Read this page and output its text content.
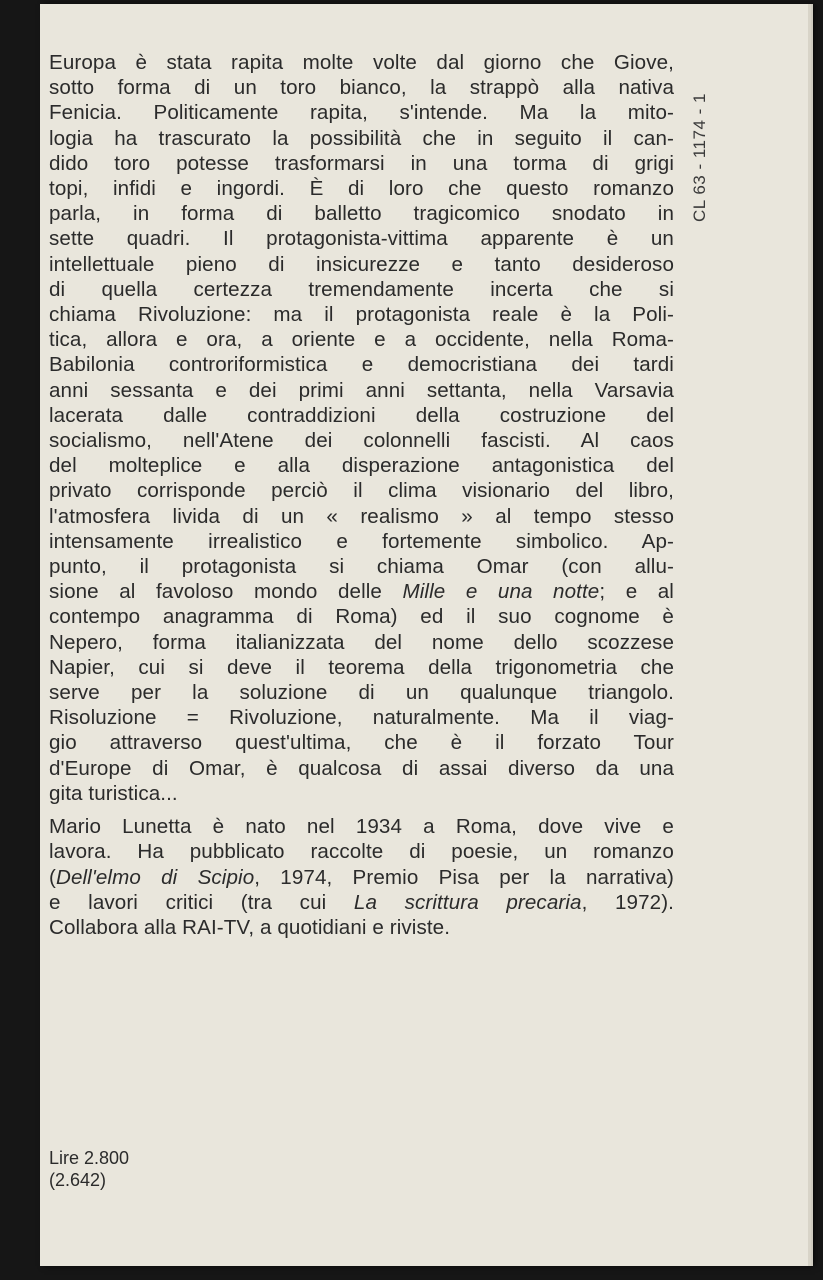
Europa è stata rapita molte volte dal giorno che Giove,
sotto forma di un toro bianco, la strappò alla nativa
Fenicia. Politicamente rapita, s'intende. Ma la mito-
logia ha trascurato la possibilità che in seguito il can-
dido toro potesse trasformarsi in una torma di grigi
topi, infidi e ingordi. È di loro che questo romanzo
parla, in forma di balletto tragicomico snodato in
sette quadri. Il protagonista-vittima apparente è un
intellettuale pieno di insicurezze e tanto desideroso
di quella certezza tremendamente incerta che si
chiama Rivoluzione: ma il protagonista reale è la Poli-
tica, allora e ora, a oriente e a occidente, nella Roma-
Babilonia controriformistica e democristiana dei tardi
anni sessanta e dei primi anni settanta, nella Varsavia
lacerata dalle contraddizioni della costruzione del
socialismo, nell'Atene dei colonnelli fascisti. Al caos
del molteplice e alla disperazione antagonistica del
privato corrisponde perciò il clima visionario del libro,
l'atmosfera livida di un « realismo » al tempo stesso
intensamente irrealistico e fortemente simbolico. Ap-
punto, il protagonista si chiama Omar (con allu-
sione al favoloso mondo delle Mille e una notte; e al
contempo anagramma di Roma) ed il suo cognome è
Nepero, forma italianizzata del nome dello scozzese
Napier, cui si deve il teorema della trigonometria che
serve per la soluzione di un qualunque triangolo.
Risoluzione = Rivoluzione, naturalmente. Ma il viag-
gio attraverso quest'ultima, che è il forzato Tour
d'Europe di Omar, è qualcosa di assai diverso da una
gita turistica...

Mario Lunetta è nato nel 1934 a Roma, dove vive e
lavora. Ha pubblicato raccolte di poesie, un romanzo
(Dell'elmo di Scipio, 1974, Premio Pisa per la narrativa)
e lavori critici (tra cui La scrittura precaria, 1972).
Collabora alla RAI-TV, a quotidiani e riviste.

CL 63 - 1174 - 1
Lire 2.800
(2.642)
